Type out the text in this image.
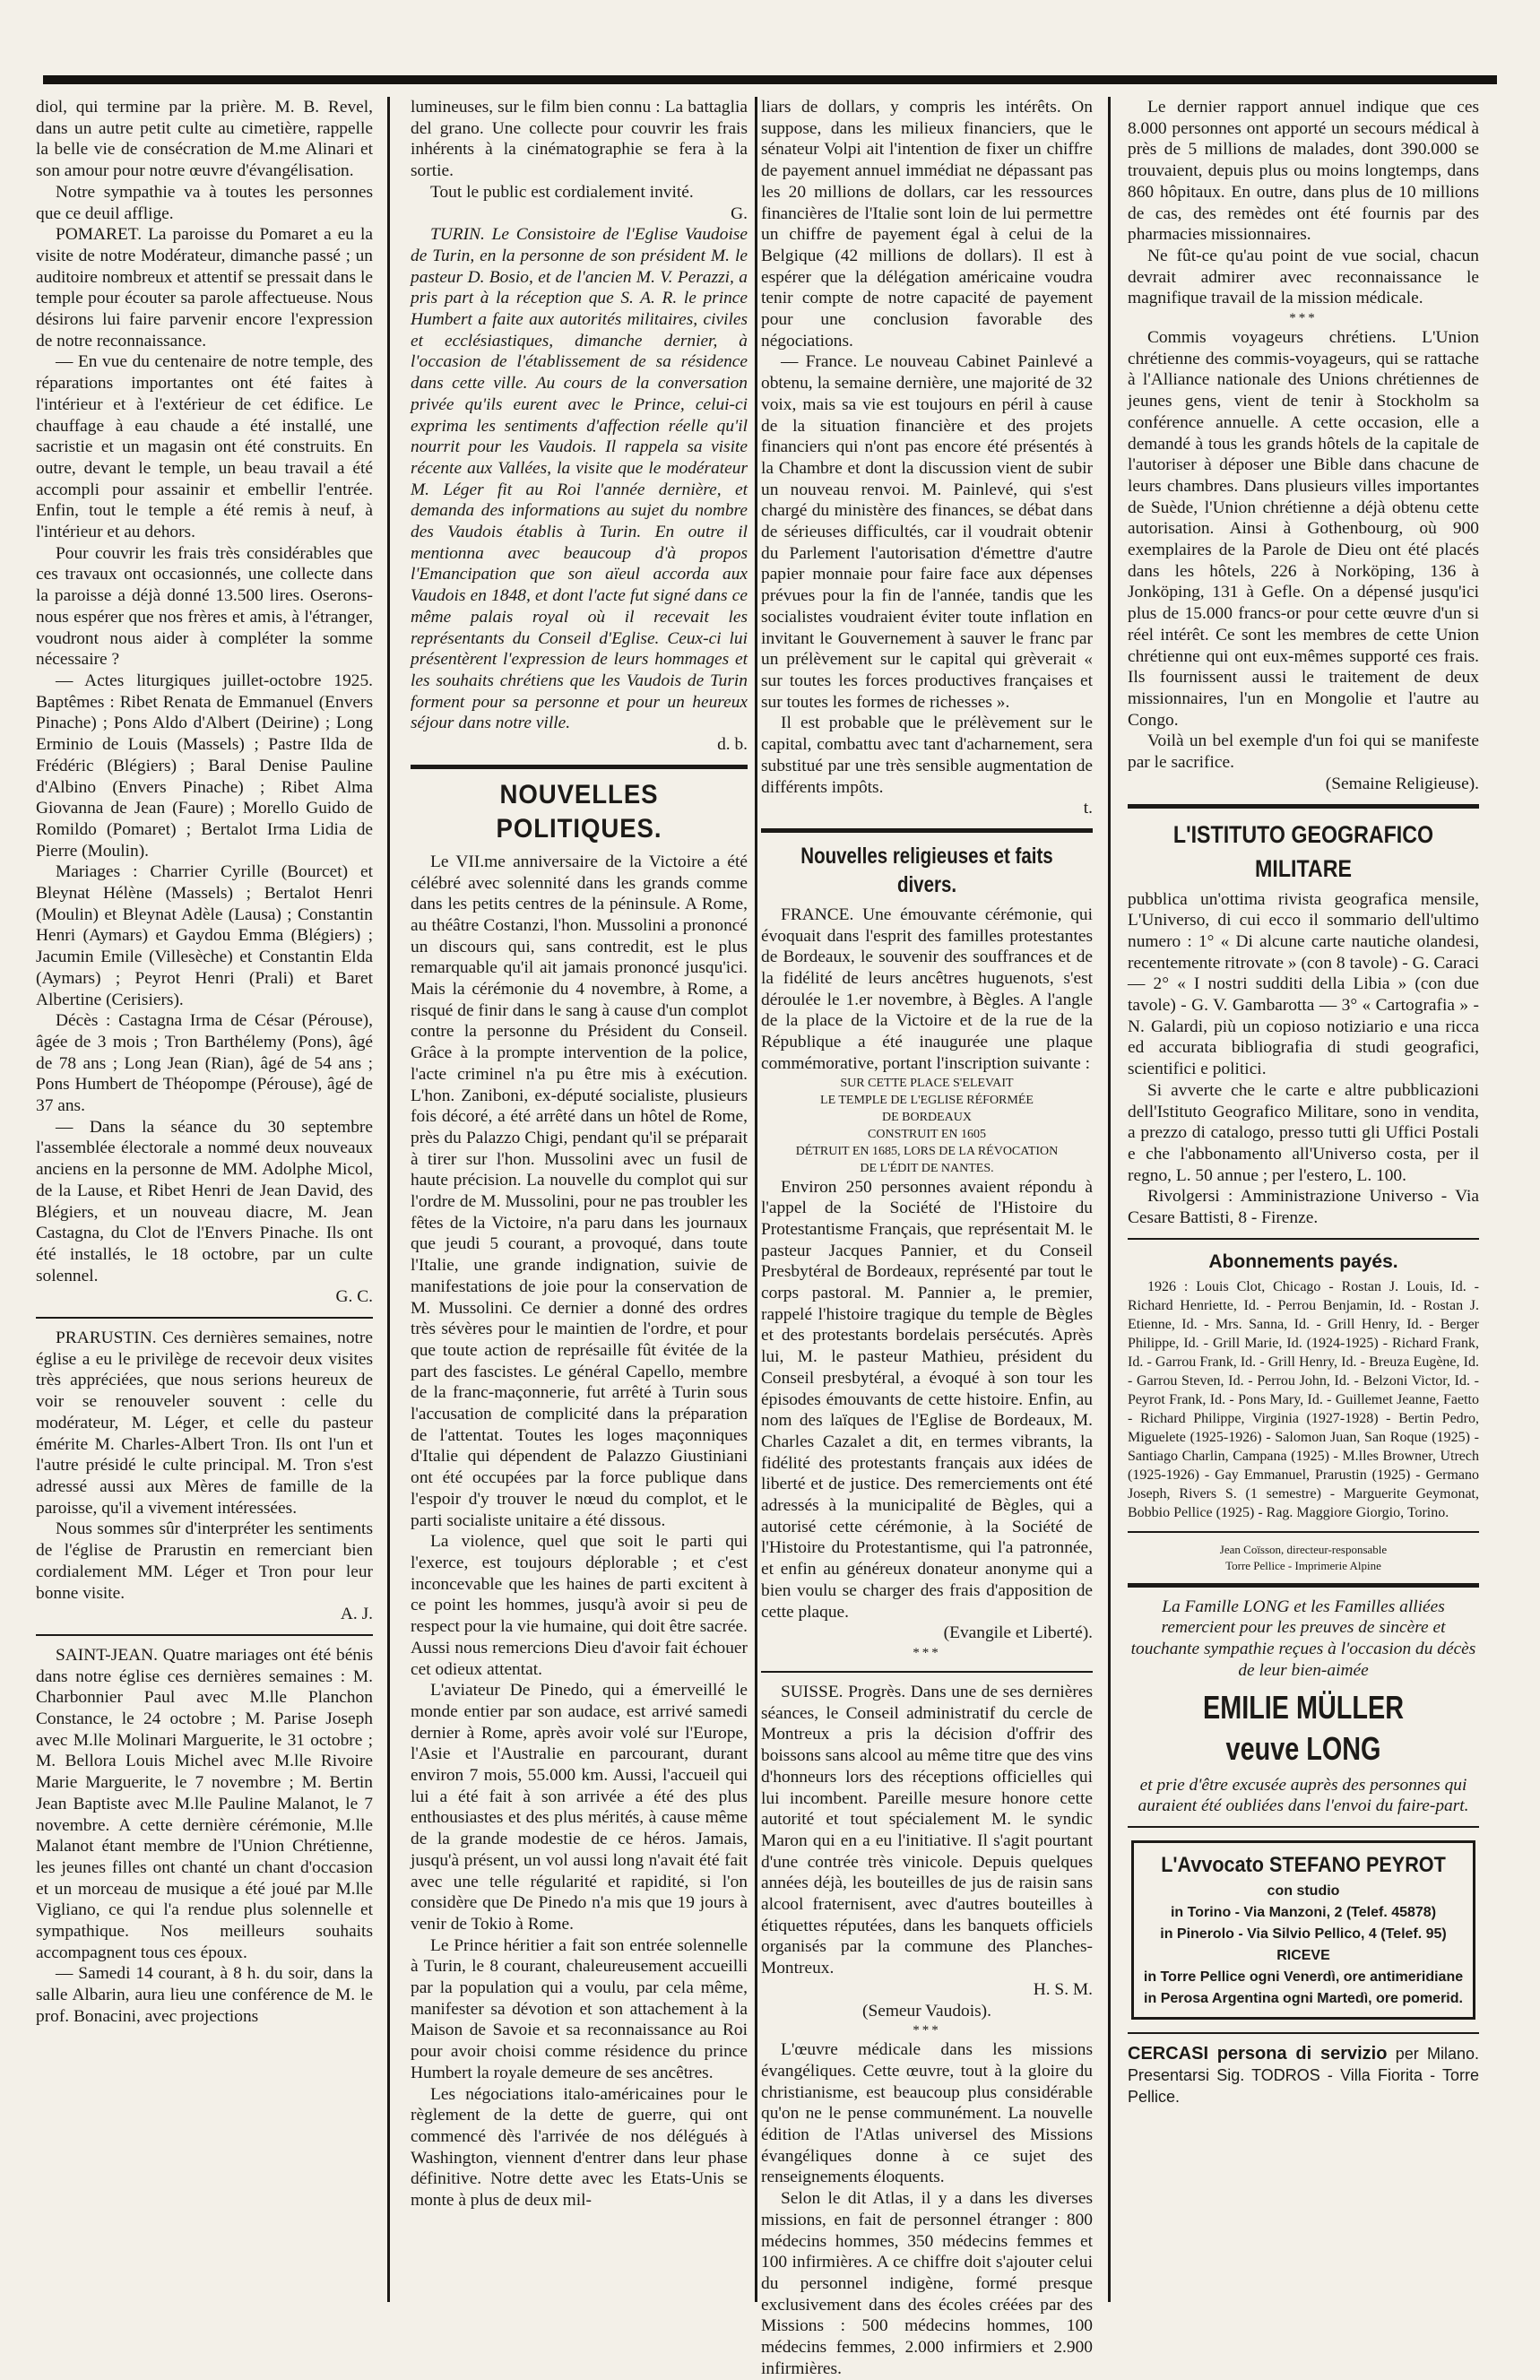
diol, qui termine par la prière. M. B. Revel, dans un autre petit culte au cimetière, rappelle la belle vie de consécration de M.me Alinari et son amour pour notre œuvre d'évangélisation.

Notre sympathie va à toutes les personnes que ce deuil afflige.

POMARET. La paroisse du Pomaret a eu la visite de notre Modérateur, dimanche passé ; un auditoire nombreux et attentif se pressait dans le temple pour écouter sa parole affectueuse. Nous désirons lui faire parvenir encore l'expression de notre reconnaissance.

— En vue du centenaire de notre temple, des réparations importantes ont été faites à l'intérieur et à l'extérieur de cet édifice. Le chauffage à eau chaude a été installé, une sacristie et un magasin ont été construits. En outre, devant le temple, un beau travail a été accompli pour assainir et embellir l'entrée. Enfin, tout le temple a été remis à neuf, à l'intérieur et au dehors.

Pour couvrir les frais très considérables que ces travaux ont occasionnés, une collecte dans la paroisse a déjà donné 13.500 lires. Oserons-nous espérer que nos frères et amis, à l'étranger, voudront nous aider à compléter la somme nécessaire ?

— Actes liturgiques juillet-octobre 1925. Baptêmes : Ribet Renata de Emmanuel (Envers Pinache) ; Pons Aldo d'Albert (Deirine) ; Long Erminio de Louis (Massels) ; Pastre Ilda de Frédéric (Blégiers) ; Baral Denise Pauline d'Albino (Envers Pinache) ; Ribet Alma Giovanna de Jean (Faure) ; Morello Guido de Romildo (Pomaret) ; Bertalot Irma Lidia de Pierre (Moulin).

Mariages : Charrier Cyrille (Bourcet) et Bleynat Hélène (Massels) ; Bertalot Henri (Moulin) et Bleynat Adèle (Lausa) ; Constantin Henri (Aymars) et Gaydou Emma (Blégiers) ; Jacumin Emile (Villesèche) et Constantin Elda (Aymars) ; Peyrot Henri (Prali) et Baret Albertine (Cerisiers).

Décès : Castagna Irma de César (Pérouse), âgée de 3 mois ; Tron Barthélemy (Pons), âgé de 78 ans ; Long Jean (Rian), âgé de 54 ans ; Pons Humbert de Théopompe (Pérouse), âgé de 37 ans.

— Dans la séance du 30 septembre l'assemblée électorale a nommé deux nouveaux anciens en la personne de MM. Adolphe Micol, de la Lause, et Ribet Henri de Jean David, des Blégiers, et un nouveau diacre, M. Jean Castagna, du Clot de l'Envers Pinache. Ils ont été installés, le 18 octobre, par un culte solennel.

G. C.

PRARUSTIN. Ces dernières semaines, notre église a eu le privilège de recevoir deux visites très appréciées, que nous serions heureux de voir se renouveler souvent : celle du modérateur, M. Léger, et celle du pasteur émérite M. Charles-Albert Tron. Ils ont l'un et l'autre présidé le culte principal. M. Tron s'est adressé aussi aux Mères de famille de la paroisse, qu'il a vivement intéressées.

Nous sommes sûr d'interpréter les sentiments de l'église de Prarustin en remerciant bien cordialement MM. Léger et Tron pour leur bonne visite.

A. J.

SAINT-JEAN. Quatre mariages ont été bénis dans notre église ces dernières semaines : M. Charbonnier Paul avec M.lle Planchon Constance, le 24 octobre ; M. Parise Joseph avec M.lle Molinari Marguerite, le 31 octobre ; M. Bellora Louis Michel avec M.lle Rivoire Marie Marguerite, le 7 novembre ; M. Bertin Jean Baptiste avec M.lle Pauline Malanot, le 7 novembre. A cette dernière cérémonie, M.lle Malanot étant membre de l'Union Chrétienne, les jeunes filles ont chanté un chant d'occasion et un morceau de musique a été joué par M.lle Vigliano, ce qui l'a rendue plus solennelle et sympathique. Nos meilleurs souhaits accompagnent tous ces époux.

— Samedi 14 courant, à 8 h. du soir, dans la salle Albarin, aura lieu une conférence de M. le prof. Bonacini, avec projections

lumineuses, sur le film bien connu : La battaglia del grano. Une collecte pour couvrir les frais inhérents à la cinématographie se fera à la sortie.

Tout le public est cordialement invité.

G.

TURIN. Le Consistoire de l'Eglise Vaudoise de Turin, en la personne de son président M. le pasteur D. Bosio, et de l'ancien M. V. Perazzi, a pris part à la réception que S. A. R. le prince Humbert a faite aux autorités militaires, civiles et ecclésiastiques, dimanche dernier, à l'occasion de l'établissement de sa résidence dans cette ville. Au cours de la conversation privée qu'ils eurent avec le Prince, celui-ci exprima les sentiments d'affection réelle qu'il nourrit pour les Vaudois. Il rappela sa visite récente aux Vallées, la visite que le modérateur M. Léger fit au Roi l'année dernière, et demanda des informations au sujet du nombre des Vaudois établis à Turin. En outre il mentionna avec beaucoup d'à propos l'Emancipation que son aïeul accorda aux Vaudois en 1848, et dont l'acte fut signé dans ce même palais royal où il recevait les représentants du Conseil d'Eglise. Ceux-ci lui présentèrent l'expression de leurs hommages et les souhaits chrétiens que les Vaudois de Turin forment pour sa personne et pour un heureux séjour dans notre ville.

d. b.
NOUVELLES POLITIQUES.

Le VII.me anniversaire de la Victoire a été célébré avec solennité dans les grands comme dans les petits centres de la péninsule. A Rome, au théâtre Costanzi, l'hon. Mussolini a prononcé un discours qui, sans contredit, est le plus remarquable qu'il ait jamais prononcé jusqu'ici. Mais la cérémonie du 4 novembre, à Rome, a risqué de finir dans le sang à cause d'un complot contre la personne du Président du Conseil. Grâce à la prompte intervention de la police, l'acte criminel n'a pu être mis à exécution. L'hon. Zaniboni, ex-député socialiste, plusieurs fois décoré, a été arrêté dans un hôtel de Rome, près du Palazzo Chigi, pendant qu'il se préparait à tirer sur l'hon. Mussolini avec un fusil de haute précision. La nouvelle du complot qui sur l'ordre de M. Mussolini, pour ne pas troubler les fêtes de la Victoire, n'a paru dans les journaux que jeudi 5 courant, a provoqué, dans toute l'Italie, une grande indignation, suivie de manifestations de joie pour la conservation de M. Mussolini. Ce dernier a donné des ordres très sévères pour le maintien de l'ordre, et pour que toute action de représaille fût évitée de la part des fascistes. Le général Capello, membre de la franc-maçonnerie, fut arrêté à Turin sous l'accusation de complicité dans la préparation de l'attentat. Toutes les loges maçonniques d'Italie qui dépendent de Palazzo Giustiniani ont été occupées par la force publique dans l'espoir d'y trouver le nœud du complot, et le parti socialiste unitaire a été dissous.

La violence, quel que soit le parti qui l'exerce, est toujours déplorable ; et c'est inconcevable que les haines de parti excitent à ce point les hommes, jusqu'à avoir si peu de respect pour la vie humaine, qui doit être sacrée. Aussi nous remercions Dieu d'avoir fait échouer cet odieux attentat.

L'aviateur De Pinedo, qui a émerveillé le monde entier par son audace, est arrivé samedi dernier à Rome, après avoir volé sur l'Europe, l'Asie et l'Australie en parcourant, durant environ 7 mois, 55.000 km. Aussi, l'accueil qui lui a été fait à son arrivée a été des plus enthousiastes et des plus mérités, à cause même de la grande modestie de ce héros. Jamais, jusqu'à présent, un vol aussi long n'avait été fait avec une telle régularité et rapidité, si l'on considère que De Pinedo n'a mis que 19 jours à venir de Tokio à Rome.

Le Prince héritier a fait son entrée solennelle à Turin, le 8 courant, chaleureusement accueilli par la population qui a voulu, par cela même, manifester sa dévotion et son attachement à la Maison de Savoie et sa reconnaissance au Roi pour avoir choisi comme résidence du prince Humbert la royale demeure de ses ancêtres.

Les négociations italo-américaines pour le règlement de la dette de guerre, qui ont commencé dès l'arrivée de nos délégués à Washington, viennent d'entrer dans leur phase définitive. Notre dette avec les Etats-Unis se monte à plus de deux mil-

liars de dollars, y compris les intérêts. On suppose, dans les milieux financiers, que le sénateur Volpi ait l'intention de fixer un chiffre de payement annuel immédiat ne dépassant pas les 20 millions de dollars, car les ressources financières de l'Italie sont loin de lui permettre un chiffre de payement égal à celui de la Belgique (42 millions de dollars). Il est à espérer que la délégation américaine voudra tenir compte de notre capacité de payement pour une conclusion favorable des négociations.

— France. Le nouveau Cabinet Painlevé a obtenu, la semaine dernière, une majorité de 32 voix, mais sa vie est toujours en péril à cause de la situation financière et des projets financiers qui n'ont pas encore été présentés à la Chambre et dont la discussion vient de subir un nouveau renvoi. M. Painlevé, qui s'est chargé du ministère des finances, se débat dans de sérieuses difficultés, car il voudrait obtenir du Parlement l'autorisation d'émettre d'autre papier monnaie pour faire face aux dépenses prévues pour la fin de l'année, tandis que les socialistes voudraient éviter toute inflation en invitant le Gouvernement à sauver le franc par un prélèvement sur le capital qui grèverait « sur toutes les forces productives françaises et sur toutes les formes de richesses ».

Il est probable que le prélèvement sur le capital, combattu avec tant d'acharnement, sera substitué par une très sensible augmentation de différents impôts.

t.
Nouvelles religieuses et faits divers.

FRANCE. Une émouvante cérémonie, qui évoquait dans l'esprit des familles protestantes de Bordeaux, le souvenir des souffrances et de la fidélité de leurs ancêtres huguenots, s'est déroulée le 1.er novembre, à Bègles. A l'angle de la place de la Victoire et de la rue de la République a été inaugurée une plaque commémorative, portant l'inscription suivante :

SUR CETTE PLACE S'ELEVAIT
LE TEMPLE DE L'EGLISE RÉFORMÉE
DE BORDEAUX
CONSTRUIT EN 1605
DÉTRUIT EN 1685, LORS DE LA RÉVOCATION
DE L'ÉDIT DE NANTES.

Environ 250 personnes avaient répondu à l'appel de la Société de l'Histoire du Protestantisme Français, que représentait M. le pasteur Jacques Pannier, et du Conseil Presbytéral de Bordeaux, représenté par tout le corps pastoral. M. Pannier a, le premier, rappelé l'histoire tragique du temple de Bègles et des protestants bordelais persécutés. Après lui, M. le pasteur Mathieu, président du Conseil presbytéral, a évoqué à son tour les épisodes émouvants de cette histoire. Enfin, au nom des laïques de l'Eglise de Bordeaux, M. Charles Cazalet a dit, en termes vibrants, la fidélité des protestants français aux idées de liberté et de justice. Des remerciements ont été adressés à la municipalité de Bègles, qui a autorisé cette cérémonie, à la Société de l'Histoire du Protestantisme, qui l'a patronnée, et enfin au généreux donateur anonyme qui a bien voulu se charger des frais d'apposition de cette plaque.

(Evangile et Liberté).
***

SUISSE. Progrès. Dans une de ses dernières séances, le Conseil administratif du cercle de Montreux a pris la décision d'offrir des boissons sans alcool au même titre que des vins d'honneurs lors des réceptions officielles qui lui incombent. Pareille mesure honore cette autorité et tout spécialement M. le syndic Maron qui en a eu l'initiative. Il s'agit pourtant d'une contrée très vinicole. Depuis quelques années déjà, les bouteilles de jus de raisin sans alcool fraternisent, avec d'autres bouteilles à étiquettes réputées, dans les banquets officiels organisés par la commune des Planches-Montreux.

H. S. M.
(Semeur Vaudois).
***

L'œuvre médicale dans les missions évangéliques. Cette œuvre, tout à la gloire du christianisme, est beaucoup plus considérable qu'on ne le pense communément. La nouvelle édition de l'Atlas universel des Missions évangéliques donne à ce sujet des renseignements éloquents.

Selon le dit Atlas, il y a dans les diverses missions, en fait de personnel étranger : 800 médecins hommes, 350 médecins femmes et 100 infirmières. A ce chiffre doit s'ajouter celui du personnel indigène, formé presque exclusivement dans des écoles créées par des Missions : 500 médecins hommes, 100 médecins femmes, 2.000 infirmiers et 2.900 infirmières.

Le dernier rapport annuel indique que ces 8.000 personnes ont apporté un secours médical à près de 5 millions de malades, dont 390.000 se trouvaient, depuis plus ou moins longtemps, dans 860 hôpitaux. En outre, dans plus de 10 millions de cas, des remèdes ont été fournis par des pharmacies missionnaires.

Ne fût-ce qu'au point de vue social, chacun devrait admirer avec reconnaissance le magnifique travail de la mission médicale.

***

Commis voyageurs chrétiens. L'Union chrétienne des commis-voyageurs, qui se rattache à l'Alliance nationale des Unions chrétiennes de jeunes gens, vient de tenir à Stockholm sa conférence annuelle. A cette occasion, elle a demandé à tous les grands hôtels de la capitale de l'autoriser à déposer une Bible dans chacune de leurs chambres. Dans plusieurs villes importantes de Suède, l'Union chrétienne a déjà obtenu cette autorisation. Ainsi à Gothenbourg, où 900 exemplaires de la Parole de Dieu ont été placés dans les hôtels, 226 à Norköping, 136 à Jonköping, 131 à Gefle. On a dépensé jusqu'ici plus de 15.000 francs-or pour cette œuvre d'un si réel intérêt. Ce sont les membres de cette Union chrétienne qui ont eux-mêmes supporté ces frais. Ils fournissent aussi le traitement de deux missionnaires, l'un en Mongolie et l'autre au Congo.

Voilà un bel exemple d'un foi qui se manifeste par le sacrifice.

(Semaine Religieuse).
L'ISTITUTO GEOGRAFICO MILITARE

pubblica un'ottima rivista geografica mensile, L'Universo, di cui ecco il sommario dell'ultimo numero : 1° « Di alcune carte nautiche olandesi, recentemente ritrovate » (con 8 tavole) - G. Caraci — 2° « I nostri sudditi della Libia » (con due tavole) - G. V. Gambarotta — 3° « Cartografia » - N. Galardi, più un copioso notiziario e una ricca ed accurata bibliografia di studi geografici, scientifici e politici.

Si avverte che le carte e altre pubblicazioni dell'Istituto Geografico Militare, sono in vendita, a prezzo di catalogo, presso tutti gli Uffici Postali e che l'abbonamento all'Universo costa, per il regno, L. 50 annue ; per l'estero, L. 100.

Rivolgersi : Amministrazione Universo - Via Cesare Battisti, 8 - Firenze.

Abonnements payés.

1926 : Louis Clot, Chicago - Rostan J. Louis, Id. - Richard Henriette, Id. - Perrou Benjamin, Id. - Rostan J. Etienne, Id. - Mrs. Sanna, Id. - Grill Henry, Id. - Berger Philippe, Id. - Grill Marie, Id. (1924-1925) - Richard Frank, Id. - Garrou Frank, Id. - Grill Henry, Id. - Breuza Eugène, Id. - Garrou Steven, Id. - Perrou John, Id. - Belzoni Victor, Id. - Peyrot Frank, Id. - Pons Mary, Id. - Guillemet Jeanne, Faetto - Richard Philippe, Virginia (1927-1928) - Bertin Pedro, Miguelete (1925-1926) - Salomon Juan, San Roque (1925) - Santiago Charlin, Campana (1925) - M.lles Browner, Utrech (1925-1926) - Gay Emmanuel, Prarustin (1925) - Germano Joseph, Rivers S. (1 semestre) - Marguerite Geymonat, Bobbio Pellice (1925) - Rag. Maggiore Giorgio, Torino.

Jean Coïsson, directeur-responsable
Torre Pellice - Imprimerie Alpine

La Famille LONG et les Familles alliées remercient pour les preuves de sincère et touchante sympathie reçues à l'occasion du décès de leur bien-aimée

EMILIE MÜLLER veuve LONG

et prie d'être excusée auprès des personnes qui auraient été oubliées dans l'envoi du faire-part.

L'Avvocato STEFANO PEYROT
con studio
in Torino - Via Manzoni, 2 (Telef. 45878)
in Pinerolo - Via Silvio Pellico, 4 (Telef. 95)
RICEVE
in Torre Pellice ogni Venerdì, ore antimeridiane
in Perosa Argentina ogni Martedì, ore pomerid.

CERCASI persona di servizio per Milano. Presentarsi Sig. TODROS - Villa Fiorita - Torre Pellice.
